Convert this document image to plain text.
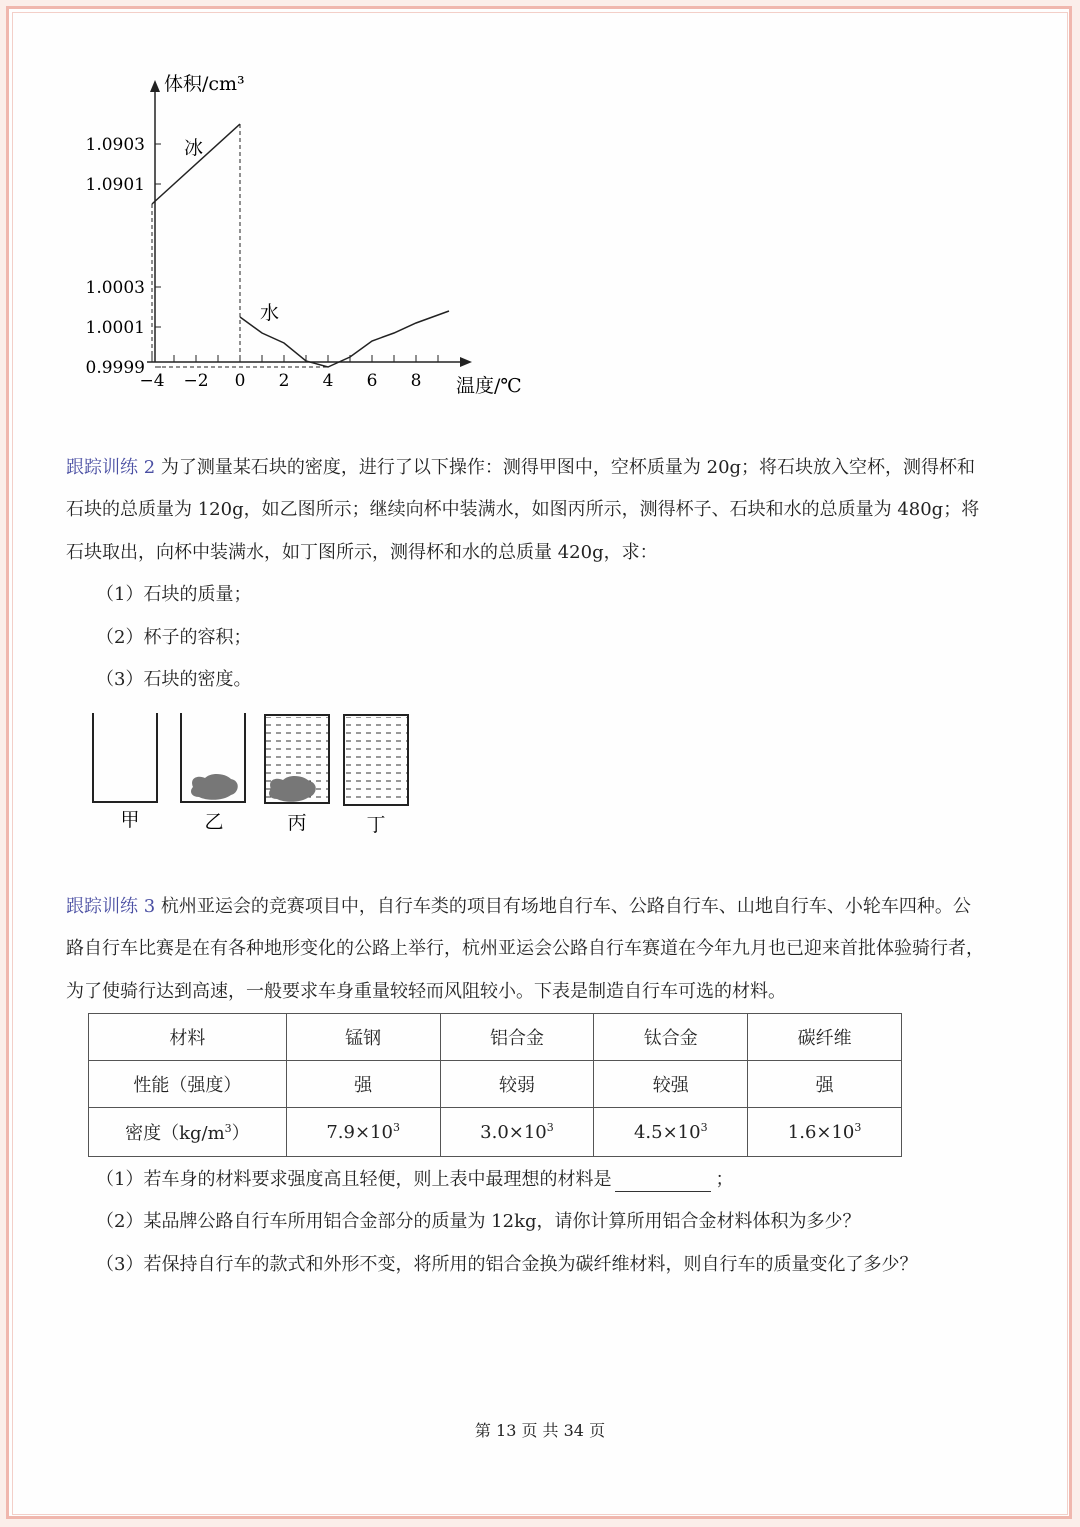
体积/cm³
温度/℃
1.0903
1.0901
1.0003
1.0001
0.9999
−4 −2 0 2 4 6 8
冰
水
跟踪训练 2 为了测量某石块的密度，进行了以下操作：测得甲图中，空杯质量为 20g；将石块放入空杯，测得杯和
石块的总质量为 120g，如乙图所示；继续向杯中装满水，如图丙所示，测得杯子、石块和水的总质量为 480g；将
石块取出，向杯中装满水，如丁图所示，测得杯和水的总质量 420g，求：
（1）石块的质量；
（2）杯子的容积；
（3）石块的密度。
甲	乙	丙	丁
跟踪训练 3 杭州亚运会的竞赛项目中，自行车类的项目有场地自行车、公路自行车、山地自行车、小轮车四种。公
路自行车比赛是在有各种地形变化的公路上举行，杭州亚运会公路自行车赛道在今年九月也已迎来首批体验骑行者，
为了使骑行达到高速，一般要求车身重量较轻而风阻较小。下表是制造自行车可选的材料。
材料	锰钢	铝合金	钛合金	碳纤维
性能（强度）	强	较弱	较强	强
密度$(kg/m^3)$	$7.9\times 10^3$	$3.0\times 10^3$	$4.5\times 10^3$	$1.6\times 10^3$
（1）若车身的材料要求强度高且轻便，则上表中最理想的材料是	；
（2）某品牌公路自行车所用铝合金部分的质量为 12kg，请你计算所用铝合金材料体积为多少？
（3）若保持自行车的款式和外形不变，将所用的铝合金换为碳纤维材料，则自行车的质量变化了多少？
第 13 页 共 34 页
